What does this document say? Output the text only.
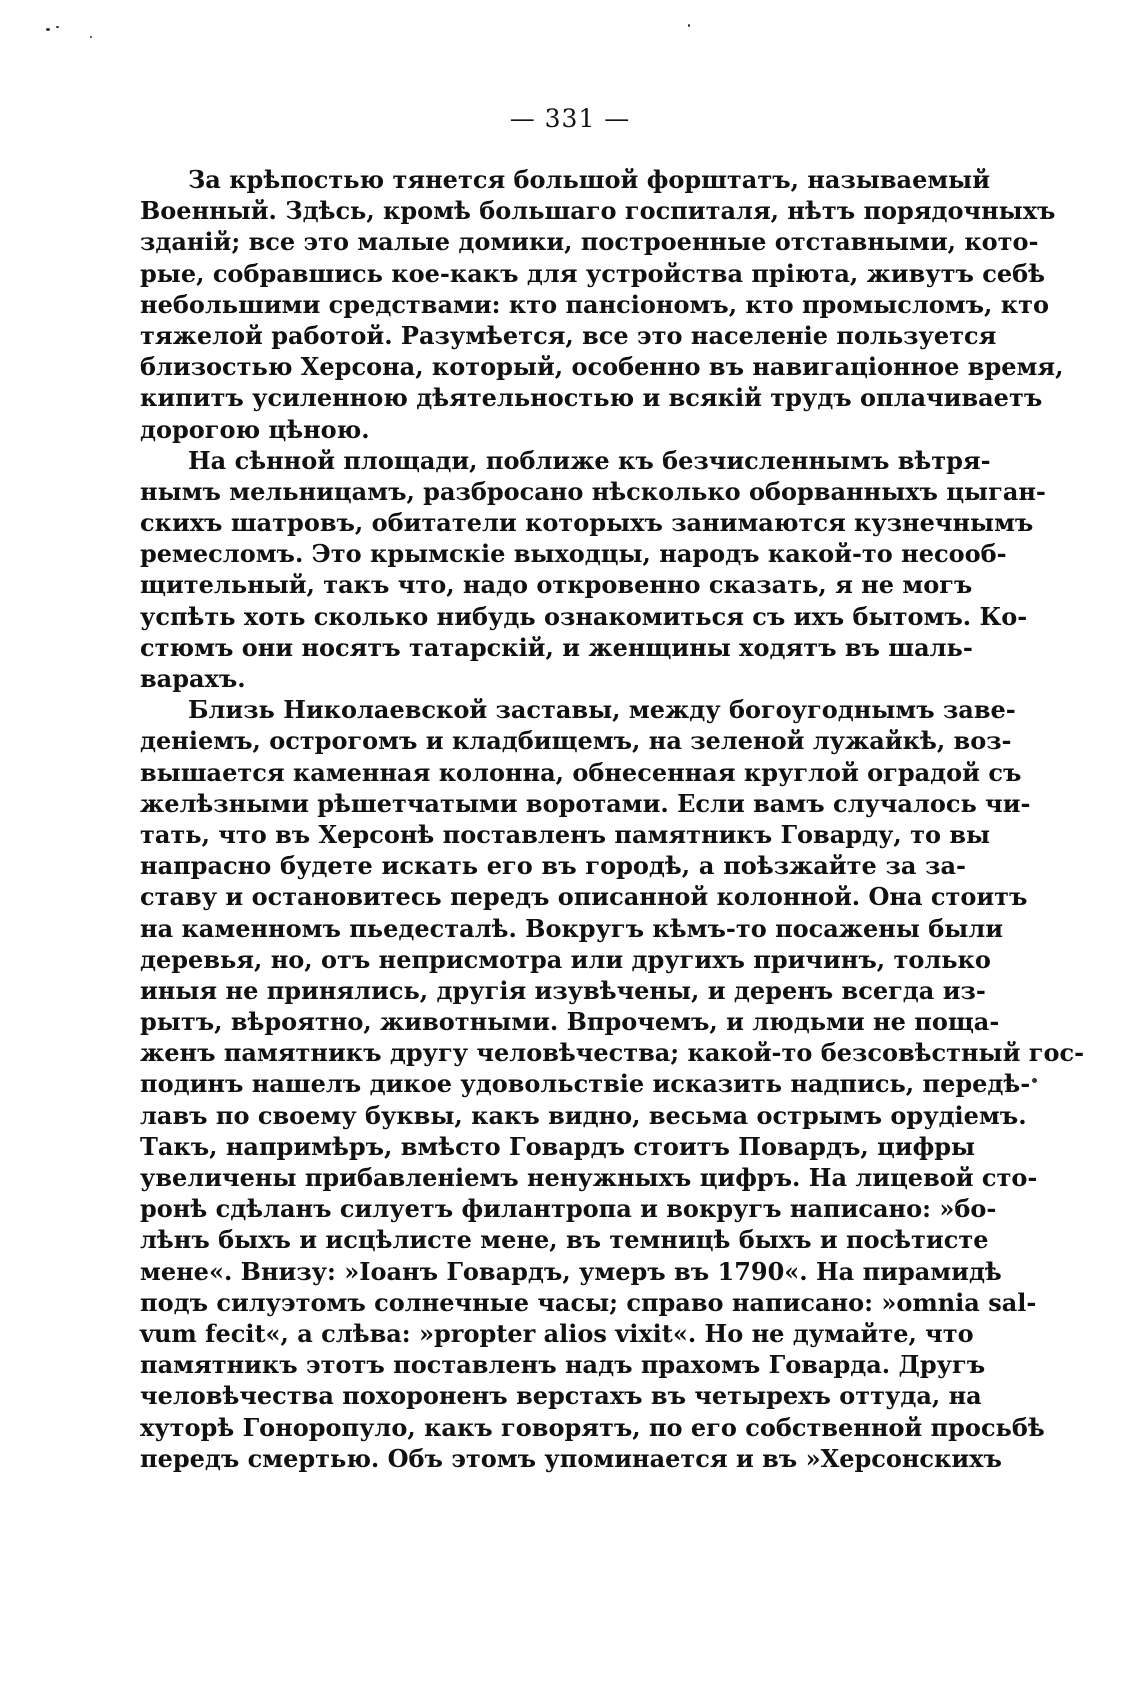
— 331 —
За крѣпостью тянется большой форштатъ, называемый
Военный. Здѣсь, кромѣ большаго госпиталя, нѣтъ порядочныхъ
зданій; все это малые домики, построенные отставными, кото-
рые, собравшись кое-какъ для устройства пріюта, живутъ себѣ
небольшими средствами: кто пансіономъ, кто промысломъ, кто
тяжелой работой. Разумѣется, все это населеніе пользуется
близостью Херсона, который, особенно въ навигаціонное время,
кипитъ усиленною дѣятельностью и всякій трудъ оплачиваетъ
дорогою цѣною.
На сѣнной площади, поближе къ безчисленнымъ вѣтря-
нымъ мельницамъ, разбросано нѣсколько оборванныхъ цыган-
скихъ шатровъ, обитатели которыхъ занимаются кузнечнымъ
ремесломъ. Это крымскіе выходцы, народъ какой-то несооб-
щительный, такъ что, надо откровенно сказать, я не могъ
успѣть хоть сколько нибудь ознакомиться съ ихъ бытомъ. Ко-
стюмъ они носятъ татарскій, и женщины ходятъ въ шаль-
варахъ.
Близь Николаевской заставы, между богоугоднымъ заве-
деніемъ, острогомъ и кладбищемъ, на зеленой лужайкѣ, воз-
вышается каменная колонна, обнесенная круглой оградой съ
желѣзными рѣшетчатыми воротами. Если вамъ случалось чи-
тать, что въ Херсонѣ поставленъ памятникъ Говарду, то вы
напрасно будете искать его въ городѣ, а поѣзжайте за за-
ставу и остановитесь передъ описанной колонной. Она стоитъ
на каменномъ пьедесталѣ. Вокругъ кѣмъ-то посажены были
деревья, но, отъ неприсмотра или другихъ причинъ, только
иныя не принялись, другія изувѣчены, и деренъ всегда из-
рытъ, вѣроятно, животными. Впрочемъ, и людьми не пощa-
женъ памятникъ другу человѣчества; какой-то безсовѣстный гос-
подинъ нашелъ дикое удовольствіе исказить надпись, передѣ-
лавъ по своему буквы, какъ видно, весьма острымъ орудіемъ.
Такъ, напримѣръ, вмѣсто Говардъ стоитъ Повардъ, цифры
увеличены прибавленіемъ ненужныхъ цифръ. На лицевой сто-
ронѣ сдѣланъ силуетъ филантропа и вокругъ написано: »бо-
лѣнъ быхъ и исцѣлисте мене, въ темницѣ быхъ и посѣтисте
мене«. Внизу: »Іоанъ Говардъ, умеръ въ 1790«. На пирамидѣ
подъ силуэтомъ солнечные часы; справо написано: »omnia sal-
vum fecit«, а слѣва: »propter alios vixit«. Но не думайте, что
памятникъ этотъ поставленъ надъ прахомъ Говарда. Другъ
человѣчества похороненъ верстахъ въ четырехъ оттуда, на
хуторѣ Гонoропуло, какъ говорятъ, по его собственной просьбѣ
передъ смертью. Объ этомъ упоминается и въ »Херсонскихъ
